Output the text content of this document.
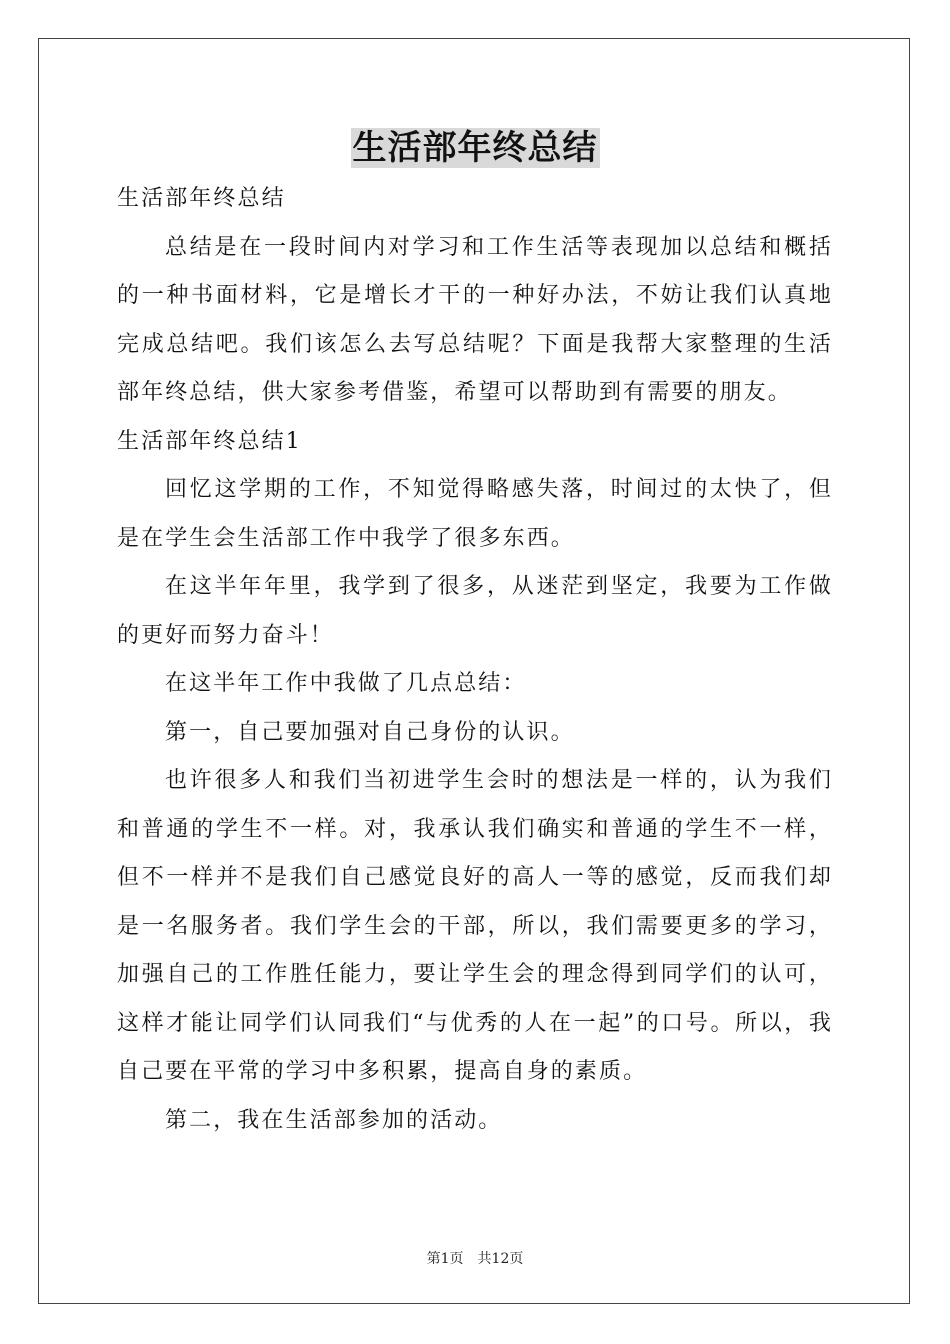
生活部年终总结

生活部年终总结

总结是在一段时间内对学习和工作生活等表现加以总结和概括的一种书面材料，它是增长才干的一种好办法，不妨让我们认真地完成总结吧。我们该怎么去写总结呢？下面是我帮大家整理的生活部年终总结，供大家参考借鉴，希望可以帮助到有需要的朋友。

生活部年终总结1

回忆这学期的工作，不知觉得略感失落，时间过的太快了，但是在学生会生活部工作中我学了很多东西。

在这半年年里，我学到了很多，从迷茫到坚定，我要为工作做的更好而努力奋斗！

在这半年工作中我做了几点总结：

第一，自己要加强对自己身份的认识。

也许很多人和我们当初进学生会时的想法是一样的，认为我们和普通的学生不一样。对，我承认我们确实和普通的学生不一样，但不一样并不是我们自己感觉良好的高人一等的感觉，反而我们却是一名服务者。我们学生会的干部，所以，我们需要更多的学习，加强自己的工作胜任能力，要让学生会的理念得到同学们的认可，这样才能让同学们认同我们“与优秀的人在一起”的口号。所以，我自己要在平常的学习中多积累，提高自身的素质。

第二，我在生活部参加的活动。

第1页 共12页
